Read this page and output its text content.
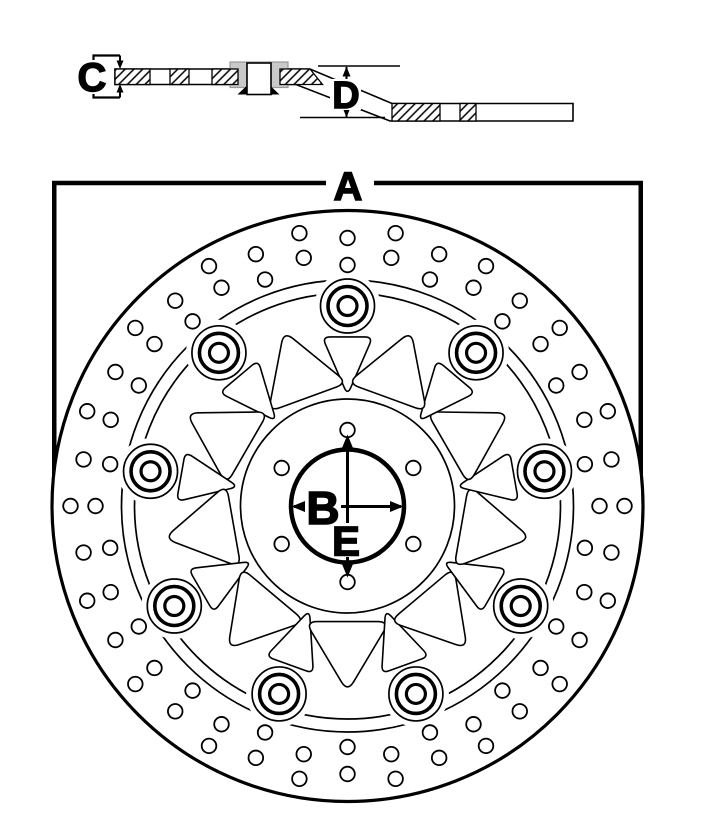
A
C	D
B
E
